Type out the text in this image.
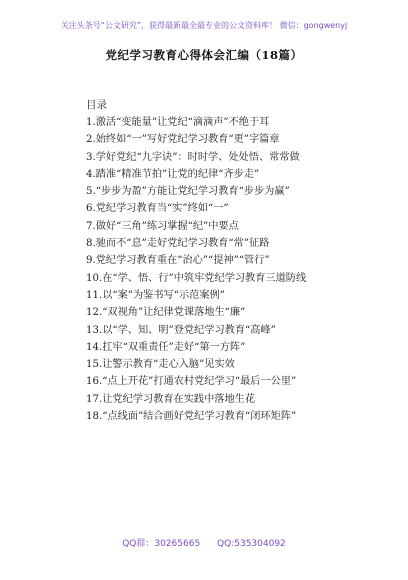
关注头条号“公文研究”，获得最新最全最专业的公文资料库！ 微信：gongwenyj
党纪学习教育心得体会汇编（18篇）
目录
1.激活“变能量”让党纪“滴滴声”不绝于耳
2.始终如“一”写好党纪学习教育“更”字篇章
3.学好党纪“九字诀”：时时学、处处悟、常常做
4.踏准“精准节拍”让党的纪律“齐步走”
5.“步步为盈”方能让党纪学习教育“步步为赢”
6.党纪学习教育当“实”终如“一”
7.做好“三角”练习掌握“纪”中要点
8.驰而不“息”走好党纪学习教育“常”征路
9.党纪学习教育重在“治心”“提神”“管行”
10.在“学、悟、行”中筑牢党纪学习教育三道防线
11.以“案”为鉴书写“示范案例”
12.“双视角”让纪律党课落地生“廉”
13.以“学、知、明”登党纪学习教育“高峰”
14.扛牢“双重责任”走好“第一方阵”
15.让警示教育“走心入脑”见实效
16.“点上开花”打通农村党纪学习“最后一公里”
17.让党纪学习教育在实践中落地生花
18.“点线面”结合画好党纪学习教育“闭环矩阵”
QQ群：30265665 QQ:535304092
